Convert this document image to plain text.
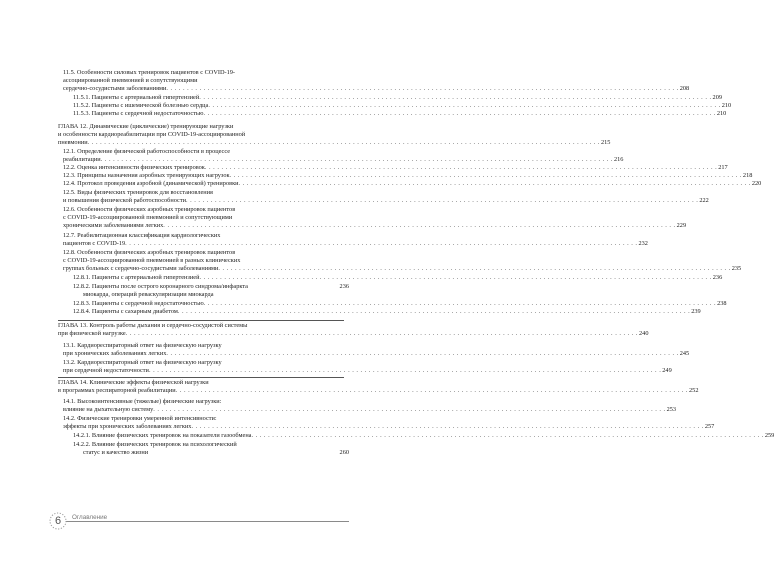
11.5. Особенности силовых тренировок пациентов с COVID-19-
ассоциированной пневмонией и сопутствующими
сердечно-сосудистыми заболеваниями . . .	208
11.5.1. Пациенты с артериальной гипертензией . . .	209
11.5.2. Пациенты с ишемической болезнью сердца . . .	210
11.5.3. Пациенты с сердечной недостаточностью . . .	210
ГЛАВА 12. Динамические (циклические) тренирующие нагрузки
и особенности кардиореабилитации при COVID-19-ассоциированной
пневмонии . . .	215
12.1. Определение физической работоспособности в процессе
реабилитации . . .	216
12.2. Оценка интенсивности физических тренировок . . .	217
12.3. Принципы назначения аэробных тренирующих нагрузок . . .	218
12.4. Протокол проведения аэробной (динамической) тренировки . . .	220
12.5. Виды физических тренировок для восстановления
и повышения физической работоспособности . . .	222
12.6. Особенности физических аэробных тренировок пациентов
с COVID-19-ассоциированной пневмонией и сопутствующими
хроническими заболеваниями легких . . .	229
12.7. Реабилитационная классификация кардиологических
пациентов с COVID-19 . . .	232
12.8. Особенности физических аэробных тренировок пациентов
с COVID-19-ассоциированной пневмонией в разных клинических
группах больных с сердечно-сосудистыми заболеваниями . . .	235
12.8.1. Пациенты с артериальной гипертензией . . .	236
12.8.2. Пациенты после острого коронарного синдрома/инфаркта	236
миокарда, операций реваскуляризации миокарда
12.8.3. Пациенты с сердечной недостаточностью . . .	238
12.8.4. Пациенты с сахарным диабетом . . .	239
ГЛАВА 13. Контроль работы дыхания и сердечно-сосудистой системы
при физической нагрузке . . .	240
13.1. Кардиореспираторный ответ на физическую нагрузку
при хронических заболеваниях легких . . .	245
13.2. Кардиореспираторный ответ на физическую нагрузку
при сердечной недостаточности . . .	249
ГЛАВА 14. Клинические эффекты физической нагрузки
в программах респираторной реабилитации . . .	252
14.1. Высокоинтенсивные (тяжелые) физические нагрузки:
влияние на дыхательную систему . . .	253
14.2. Физические тренировки умеренной интенсивности:
эффекты при хронических заболеваниях легких . . .	257
14.2.1. Влияние физических тренировок на показатели газообмена . . .	259
14.2.2. Влияние физических тренировок на психологический
статус и качество жизни	260
6	Оглавление
